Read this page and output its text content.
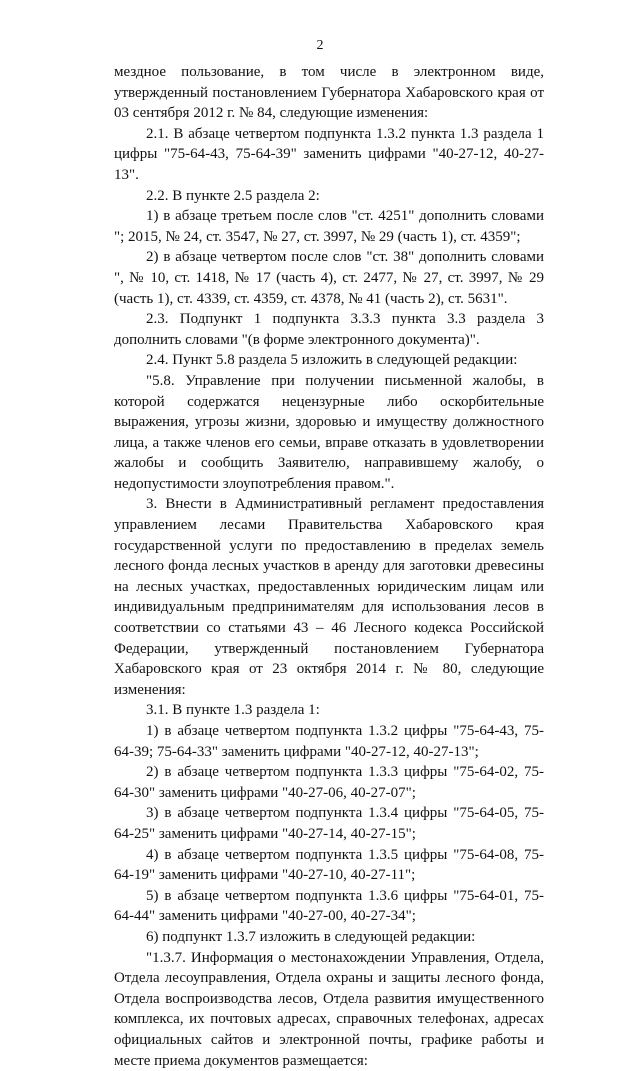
2

мездное пользование, в том числе в электронном виде, утвержденный постановлением Губернатора Хабаровского края от 03 сентября 2012 г. № 84, следующие изменения:

2.1. В абзаце четвертом подпункта 1.3.2 пункта 1.3 раздела 1 цифры "75-64-43, 75-64-39" заменить цифрами "40-27-12, 40-27-13".

2.2. В пункте 2.5 раздела 2:

1) в абзаце третьем после слов "ст. 4251" дополнить словами "; 2015, № 24, ст. 3547, № 27, ст. 3997, № 29 (часть 1), ст. 4359";

2) в абзаце четвертом после слов "ст. 38" дополнить словами ", № 10, ст. 1418, № 17 (часть 4), ст. 2477, № 27, ст. 3997, № 29 (часть 1), ст. 4339, ст. 4359, ст. 4378, № 41 (часть 2), ст. 5631".

2.3. Подпункт 1 подпункта 3.3.3 пункта 3.3 раздела 3 дополнить словами "(в форме электронного документа)".

2.4. Пункт 5.8 раздела 5 изложить в следующей редакции:

"5.8. Управление при получении письменной жалобы, в которой содержатся нецензурные либо оскорбительные выражения, угрозы жизни, здоровью и имуществу должностного лица, а также членов его семьи, вправе отказать в удовлетворении жалобы и сообщить Заявителю, направившему жалобу, о недопустимости злоупотребления правом.".

3. Внести в Административный регламент предоставления управлением лесами Правительства Хабаровского края государственной услуги по предоставлению в пределах земель лесного фонда лесных участков в аренду для заготовки древесины на лесных участках, предоставленных юридическим лицам или индивидуальным предпринимателям для использования лесов в соответствии со статьями 43 – 46 Лесного кодекса Российской Федерации, утвержденный постановлением Губернатора Хабаровского края от 23 октября 2014 г. № 80, следующие изменения:

3.1. В пункте 1.3 раздела 1:

1) в абзаце четвертом подпункта 1.3.2 цифры "75-64-43, 75-64-39; 75-64-33" заменить цифрами "40-27-12, 40-27-13";

2) в абзаце четвертом подпункта 1.3.3 цифры "75-64-02, 75-64-30" заменить цифрами "40-27-06, 40-27-07";

3) в абзаце четвертом подпункта 1.3.4 цифры "75-64-05, 75-64-25" заменить цифрами "40-27-14, 40-27-15";

4) в абзаце четвертом подпункта 1.3.5 цифры "75-64-08, 75-64-19" заменить цифрами "40-27-10, 40-27-11";

5) в абзаце четвертом подпункта 1.3.6 цифры "75-64-01, 75-64-44" заменить цифрами "40-27-00, 40-27-34";

6) подпункт 1.3.7 изложить в следующей редакции:

"1.3.7. Информация о местонахождении Управления, Отдела, Отдела лесоуправления, Отдела охраны и защиты лесного фонда, Отдела воспроизводства лесов, Отдела развития имущественного комплекса, их почтовых адресах, справочных телефонах, адресах официальных сайтов и электронной почты, графике работы и месте приема документов размещается:
